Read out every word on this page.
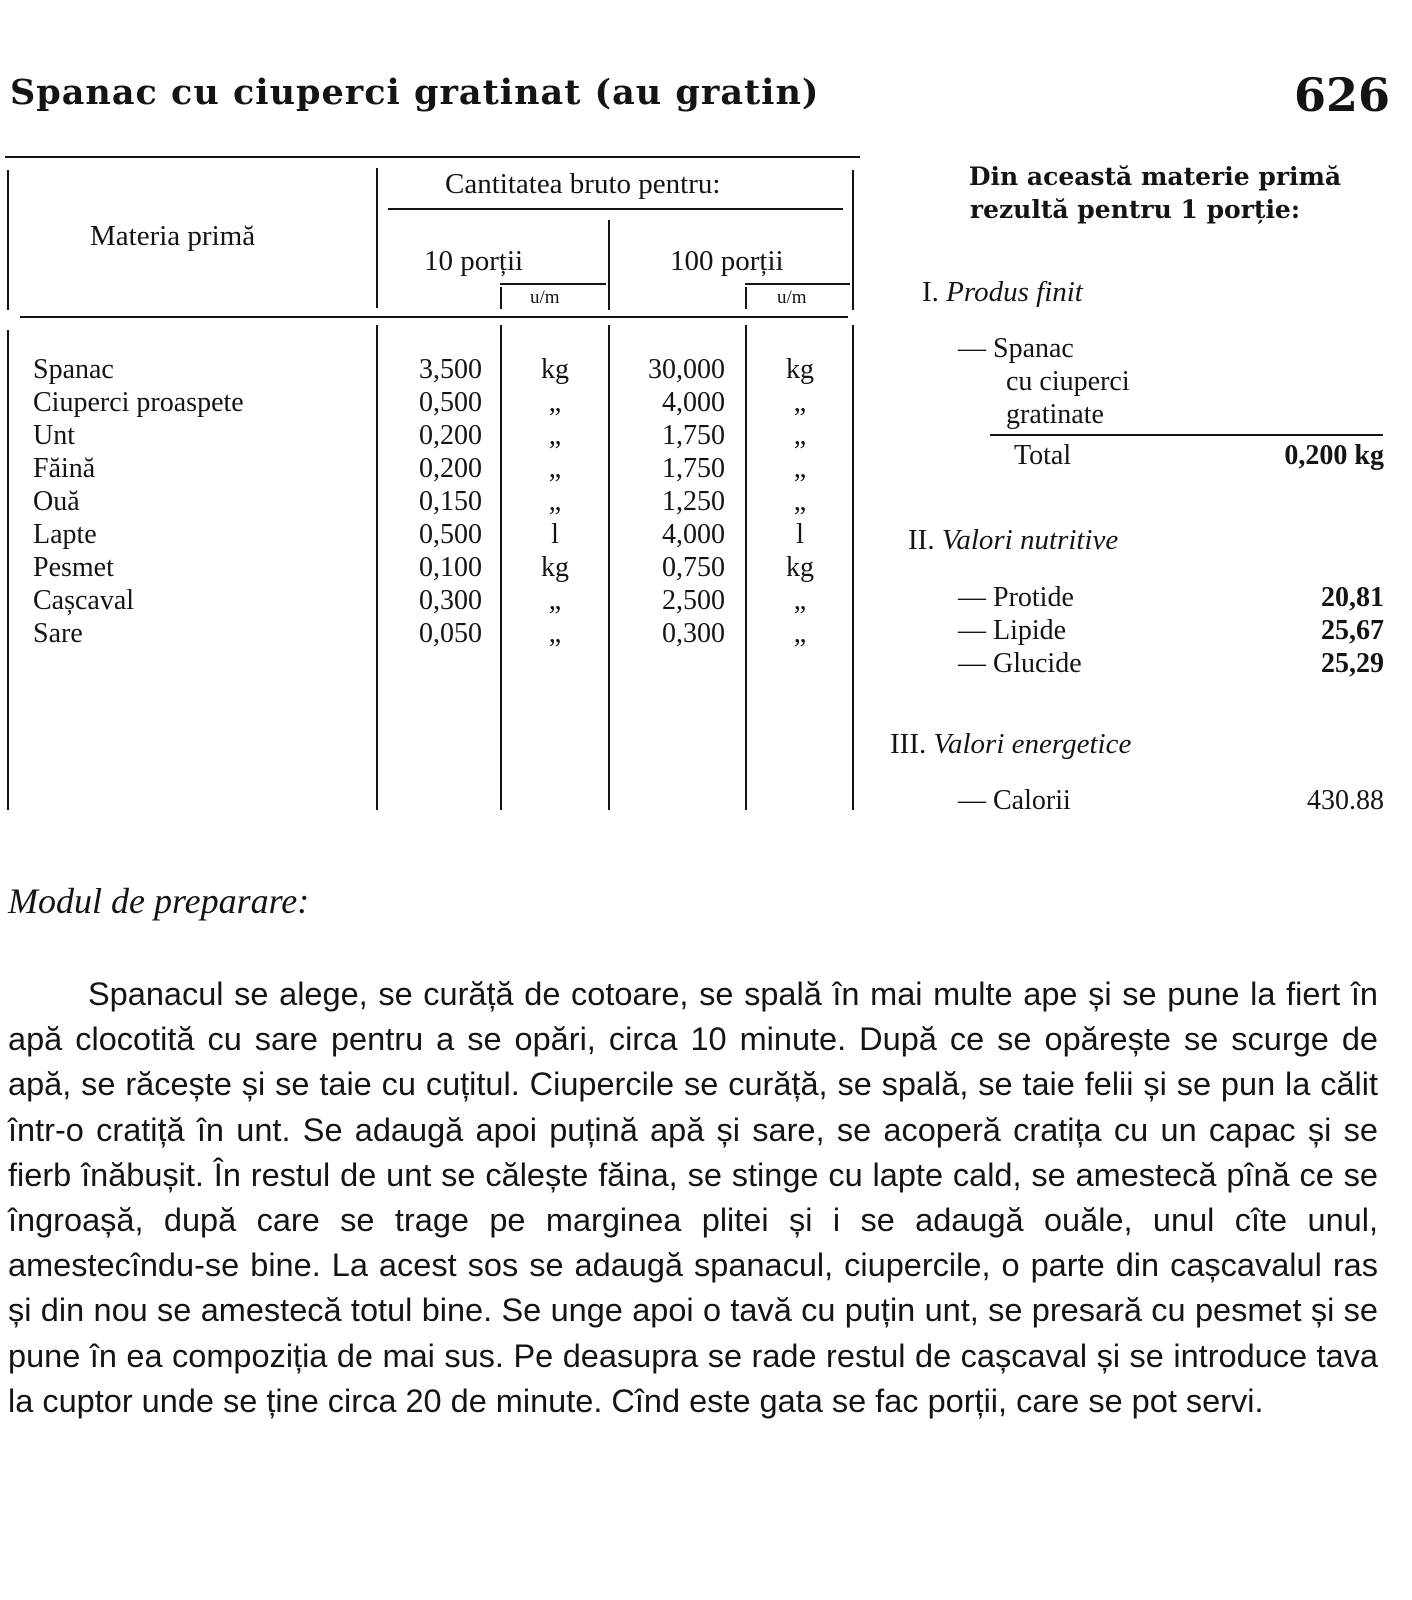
Spanac cu ciuperci gratinat (au gratin)	626
Materia primă
Cantitatea bruto pentru:
10 porții	100 porții
u/m	u/m
Spanac	3,500	kg	30,000	kg
Ciuperci proaspete	0,500	„	4,000	„
Unt	0,200	„	1,750	„
Făină	0,200	„	1,750	„
Ouă	0,150	„	1,250	„
Lapte	0,500	l	4,000	l
Pesmet	0,100	kg	0,750	kg
Cașcaval	0,300	„	2,500	„
Sare	0,050	„	0,300	„
Din această materie primă
rezultă pentru 1 porție:
I. Produs finit
— Spanac
cu ciuperci
gratinate
Total	0,200 kg
II. Valori nutritive
— Protide	20,81
— Lipide	25,67
— Glucide	25,29
III. Valori energetice
— Calorii	430.88
Modul de preparare:

Spanacul se alege, se curăță de cotoare, se spală în mai multe ape și se pune la fiert în apă clocotită cu sare pentru a se opări, circa 10 minute. După ce se opărește se scurge de apă, se răcește și se taie cu cuțitul. Ciupercile se curăță, se spală, se taie felii și se pun la călit într-o cratiță în unt. Se adaugă apoi puțină apă și sare, se acoperă cratița cu un capac și se fierb înăbușit. În restul de unt se călește făina, se stinge cu lapte cald, se amestecă pînă ce se îngroașă, după care se trage pe marginea plitei și i se adaugă ouăle, unul cîte unul, amestecîndu-se bine. La acest sos se adaugă spanacul, ciupercile, o parte din cașcavalul ras și din nou se amestecă totul bine. Se unge apoi o tavă cu puțin unt, se presară cu pesmet și se pune în ea compoziția de mai sus. Pe deasupra se rade restul de cașcaval și se introduce tava la cuptor unde se ține circa 20 de minute. Cînd este gata se fac porții, care se pot servi.
